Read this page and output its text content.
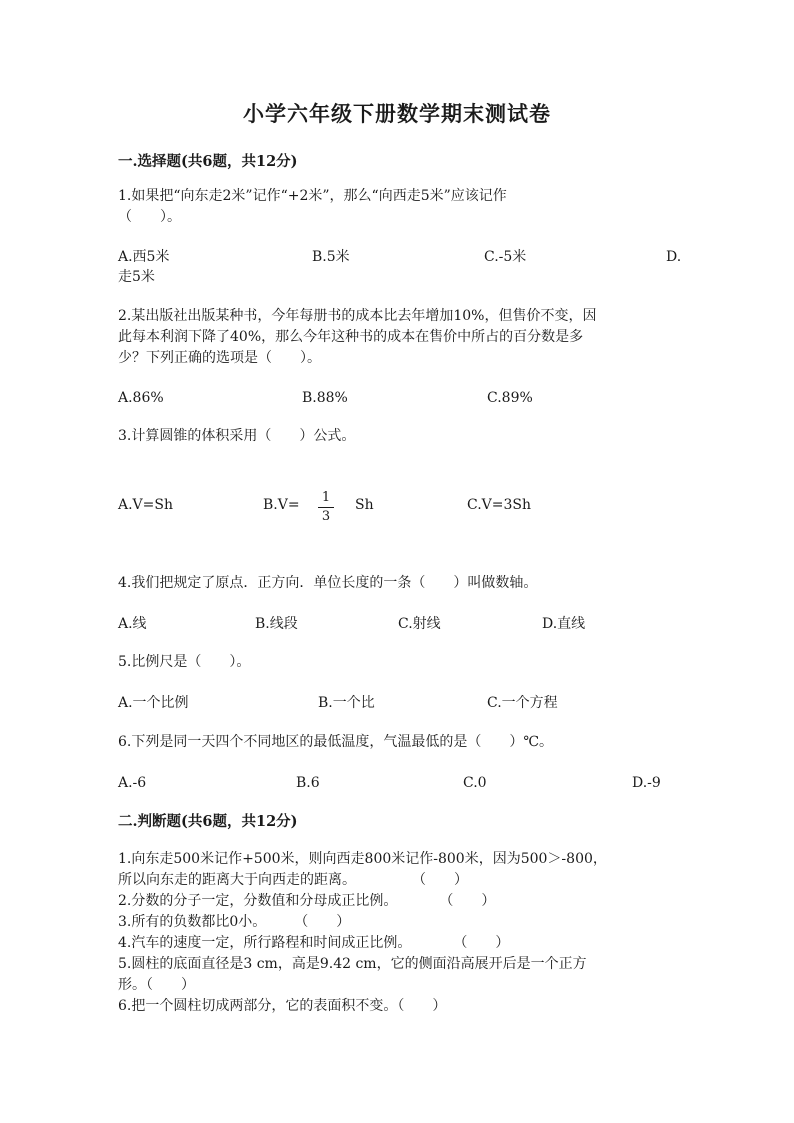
小学六年级下册数学期末测试卷
一.选择题(共6题，共12分)
1.如果把“向东走2米”记作“+2米”，那么“向西走5米”应该记作
（　　）。
A.西5米	B.5米	C.-5米	D.
走5米
2.某出版社出版某种书，今年每册书的成本比去年增加10%，但售价不变，因
此每本利润下降了40%，那么今年这种书的成本在售价中所占的百分数是多
少？下列正确的选项是（　　）。
A.86%	B.88%	C.89%
3.计算圆锥的体积采用（　　）公式。
A.V=Sh	B.V= 1
3
Sh	C.V=3Sh
4.我们把规定了原点．正方向．单位长度的一条（　　）叫做数轴。
A.线	B.线段	C.射线	D.直线
5.比例尺是（　　）。
A.一个比例	B.一个比	C.一个方程
6.下列是同一天四个不同地区的最低温度，气温最低的是（　　）℃。
A.-6	B.6	C.0	D.-9
二.判断题(共6题，共12分)
1.向东走500米记作+500米，则向西走800米记作-800米，因为500＞-800，
所以向东走的距离大于向西走的距离。　　　　　（　　）
2.分数的分子一定，分数值和分母成正比例。　　　　（　　）
3.所有的负数都比0小。　　　（　　）
4.汽车的速度一定，所行路程和时间成正比例。　　　　（　　）
5.圆柱的底面直径是3 cm，高是9.42 cm，它的侧面沿高展开后是一个正方
形。（　　）
6.把一个圆柱切成两部分，它的表面积不变。（　　）
